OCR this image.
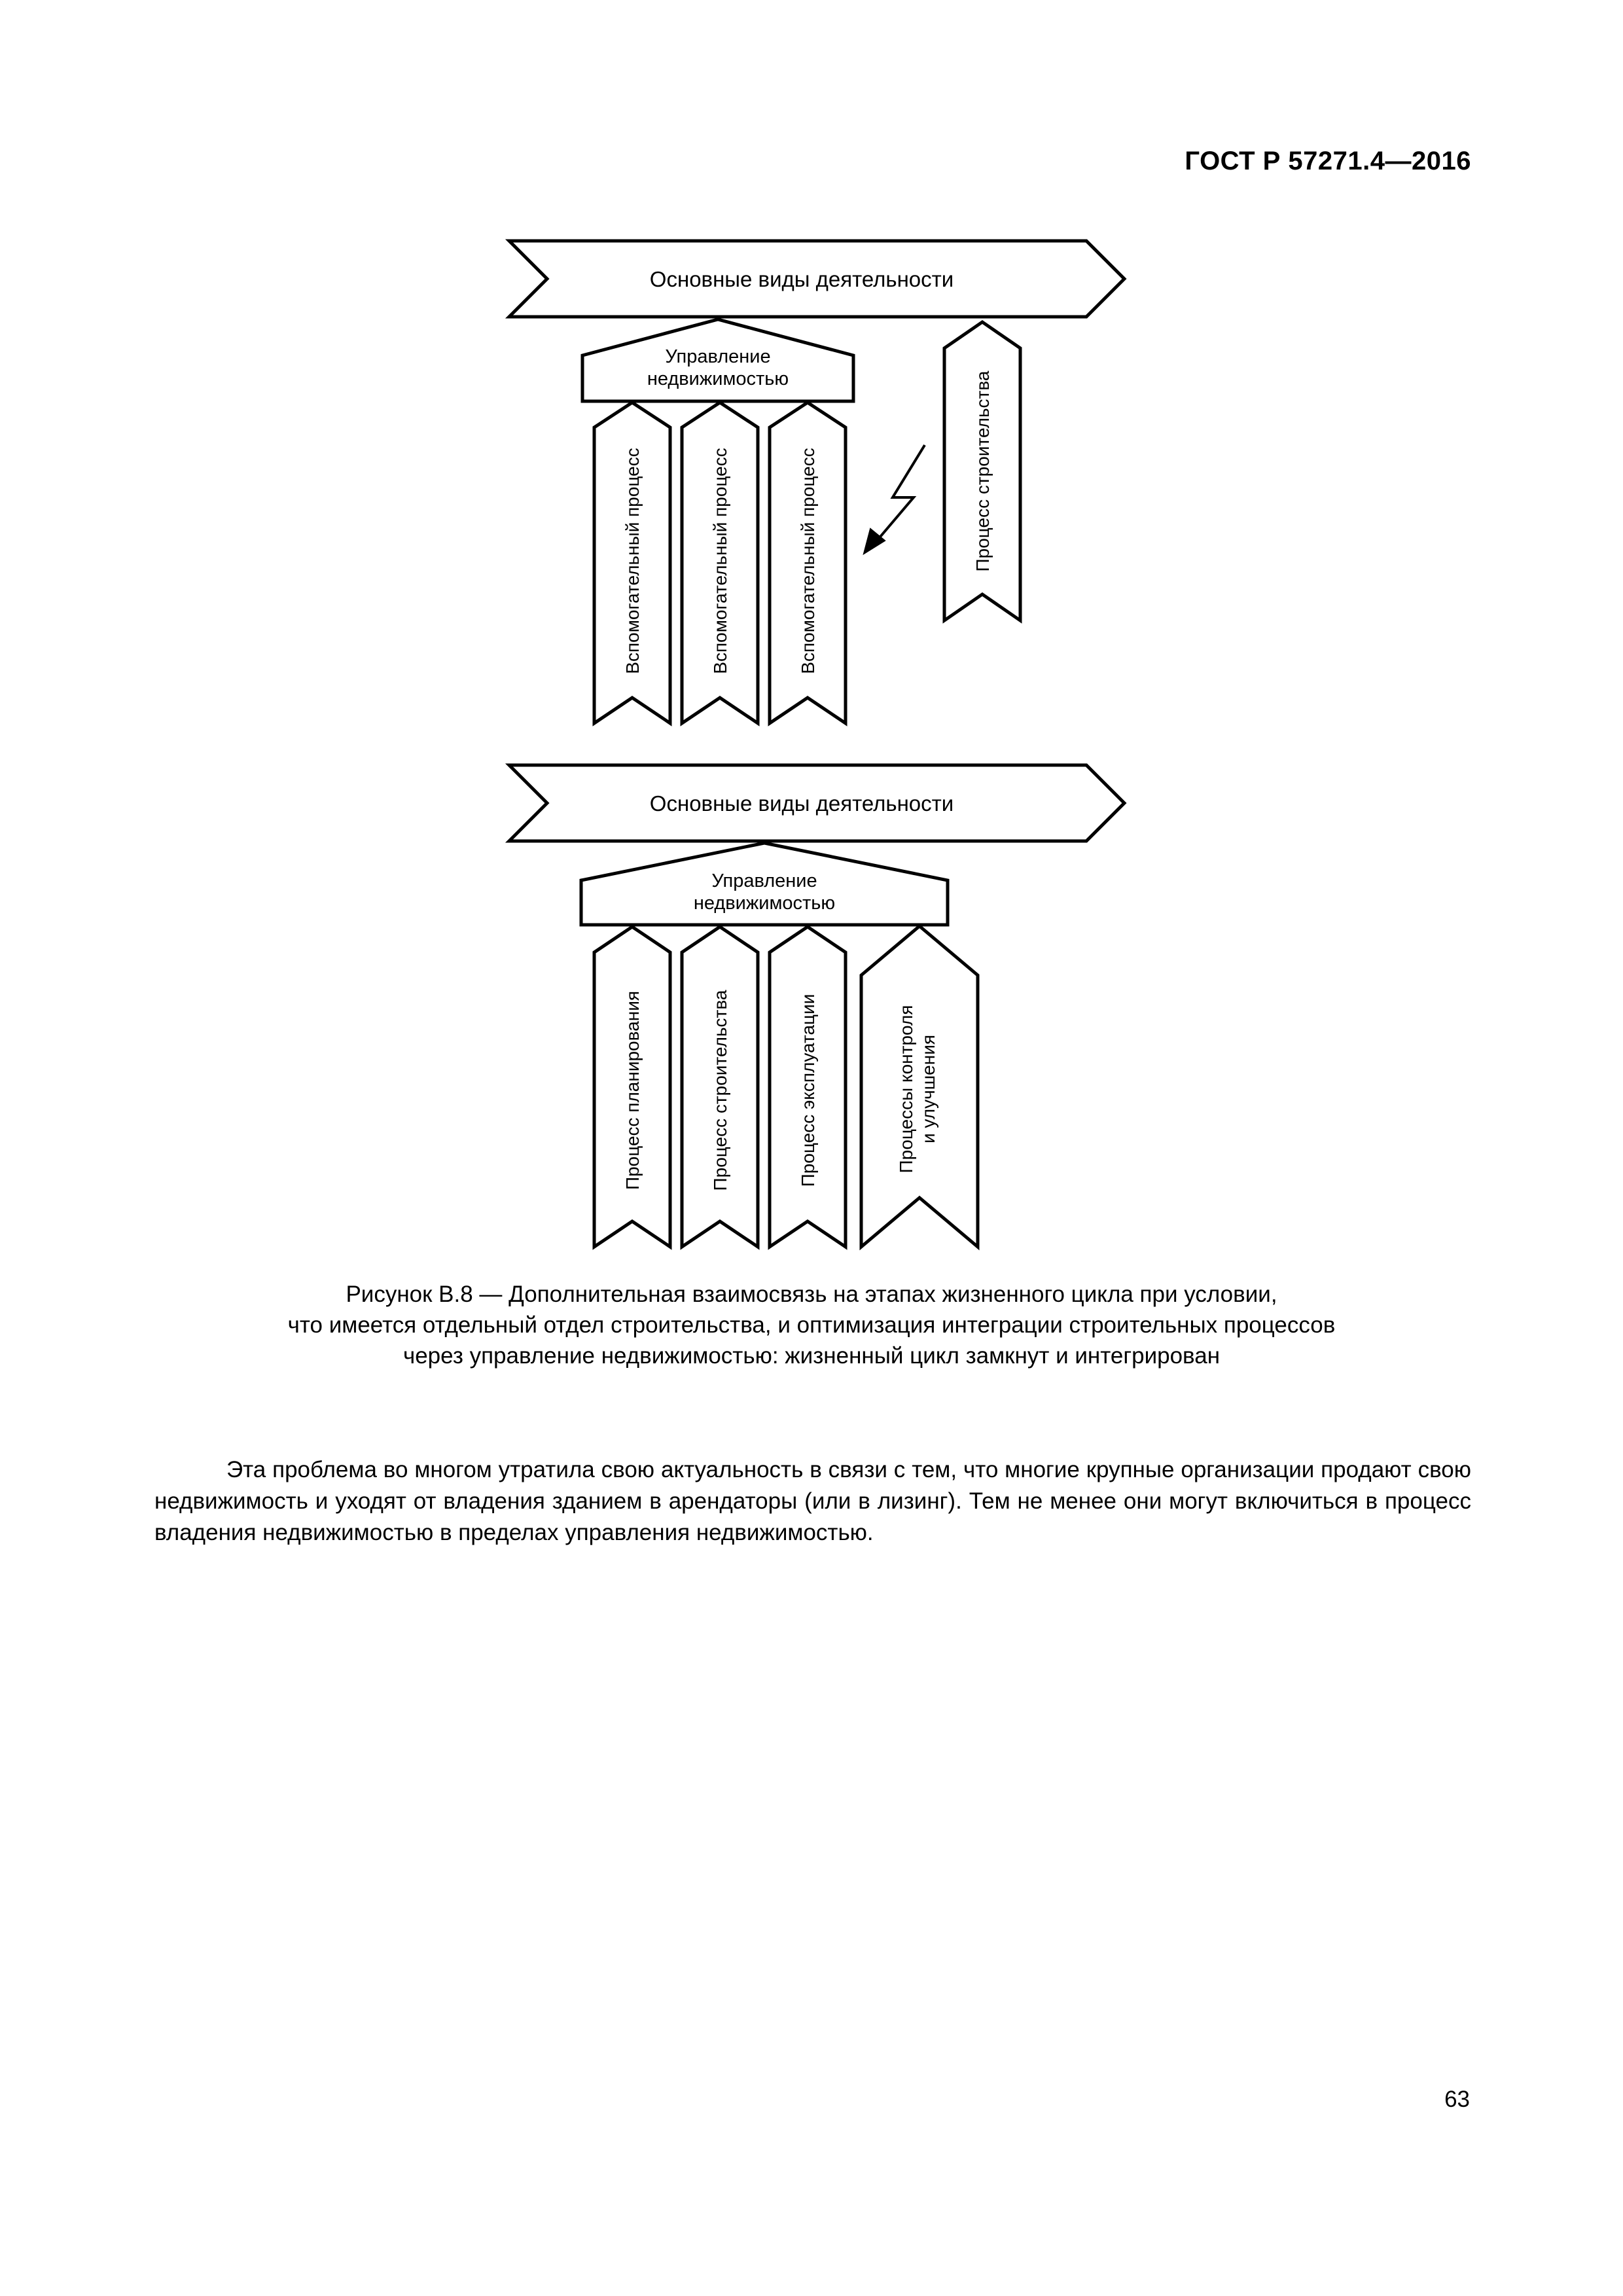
ГОСТ Р 57271.4—2016
Основные виды деятельности
Управление
недвижимостью
Вспомогательный процесс	Вспомогательный процесс	Вспомогательный процесс	Процесс строительства
Основные виды деятельности
Управление
недвижимостью
Процесс планирования	Процесс строительства	Процесс эксплуатации	Процессы контроля и улучшения
Рисунок В.8 — Дополнительная взаимосвязь на этапах жизненного цикла при условии,
что имеется отдельный отдел строительства, и оптимизация интеграции строительных процессов
через управление недвижимостью: жизненный цикл замкнут и интегрирован
Эта проблема во многом утратила свою актуальность в связи с тем, что многие крупные организации продают свою недвижимость и уходят от владения зданием в арендаторы (или в лизинг). Тем не менее они могут включиться в процесс владения недвижимостью в пределах управления недвижимостью.
63
